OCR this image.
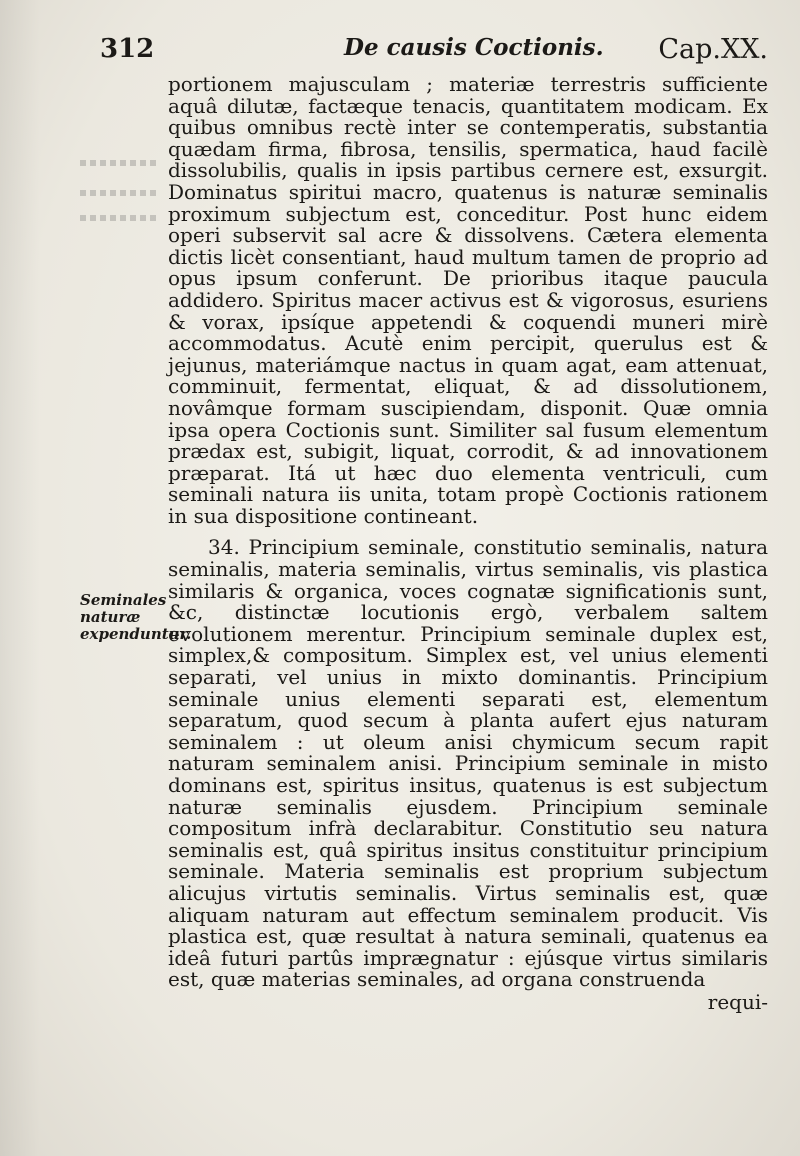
312	De causis Coctionis. Cap.XX.
Seminales naturæ expenduntur.

portionem majusculam ; materiæ terrestris sufficiente aquâ dilutæ, factæque tenacis, quantitatem modicam. Ex quibus omnibus rectè inter se contemperatis, substantia quædam firma, fibrosa, tensilis, spermatica, haud facilè dissolubilis, qualis in ipsis partibus cernere est, exsurgit. Dominatus spiritui macro, quatenus is naturæ seminalis proximum subjectum est, conceditur. Post hunc eidem operi subservit sal acre & dissolvens. Cætera elementa dictis licèt consentiant, haud multum tamen de proprio ad opus ipsum conferunt. De prioribus itaque paucula addidero. Spiritus macer activus est & vigorosus, esuriens & vorax, ipsíque appetendi & coquendi muneri mirè accommodatus. Acutè enim percipit, querulus est & jejunus, materiámque nactus in quam agat, eam attenuat, comminuit, fermentat, eliquat, & ad dissolutionem, novâmque formam suscipiendam, disponit. Quæ omnia ipsa opera Coctionis sunt. Similiter sal fusum elementum prædax est, subigit, liquat, corrodit, & ad innovationem præparat. Itá ut hæc duo elementa ventriculi, cum seminali natura iis unita, totam propè Coctionis rationem in sua dispositione contineant.

34. Principium seminale, constitutio seminalis, natura seminalis, materia seminalis, virtus seminalis, vis plastica similaris & organica, voces cognatæ significationis sunt, &c, distinctæ locutionis ergò, verbalem saltem evolutionem merentur. Principium seminale duplex est, simplex,& compositum. Simplex est, vel unius elementi separati, vel unius in mixto dominantis. Principium seminale unius elementi separati est, elementum separatum, quod secum à planta aufert ejus naturam seminalem : ut oleum anisi chymicum secum rapit naturam seminalem anisi. Principium seminale in misto dominans est, spiritus insitus, quatenus is est subjectum naturæ seminalis ejusdem. Principium seminale compositum infrà declarabitur. Constitutio seu natura seminalis est, quâ spiritus insitus constituitur principium seminale. Materia seminalis est proprium subjectum alicujus virtutis seminalis. Virtus seminalis est, quæ aliquam naturam aut effectum seminalem producit. Vis plastica est, quæ resultat à natura seminali, quatenus ea ideâ futuri partûs imprægnatur : ejúsque virtus similaris est, quæ materias seminales, ad organa construenda

requi-
